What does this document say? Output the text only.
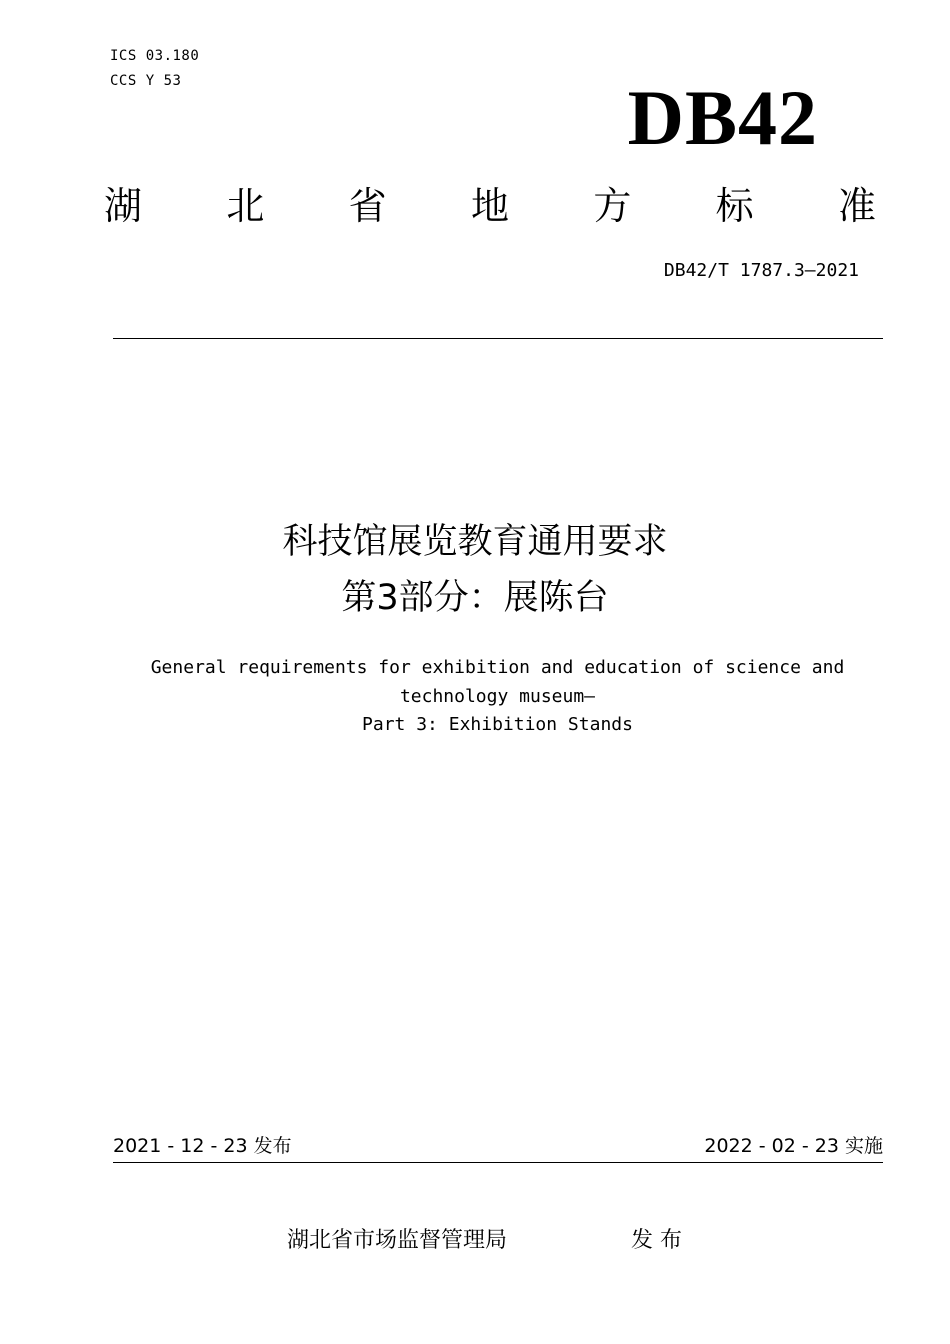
ICS 03.180
CCS Y 53	DB42
湖 北 省 地 方 标 准
DB42/T 1787.3—2021
科技馆展览教育通用要求
第3部分：展陈台
General requirements for exhibition and education of science and
technology museum—
Part 3: Exhibition Stands
2021 - 12 - 23 发布	2022 - 02 - 23 实施
湖北省市场监督管理局	发 布
